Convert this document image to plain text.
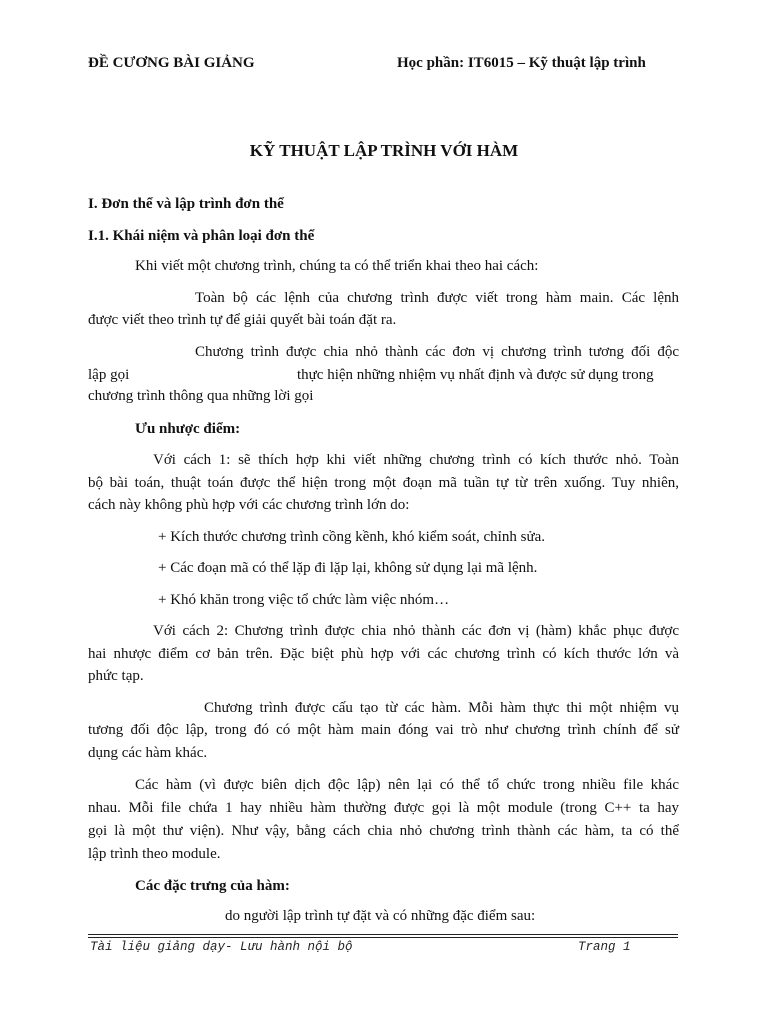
ĐỀ CƯƠNG BÀI GIẢNG	Học phần: IT6015 – Kỹ thuật lập trình
KỸ THUẬT LẬP TRÌNH VỚI HÀM
I. Đơn thể và lập trình đơn thể
I.1. Khái niệm và phân loại đơn thể
Khi viết một chương trình, chúng ta có thể triển khai theo hai cách:
Toàn bộ các lệnh của chương trình được viết trong hàm main. Các lệnh
được viết theo trình tự để giải quyết bài toán đặt ra.
Chương trình được chia nhỏ thành các đơn vị chương trình tương đối độc
lập gọi	thực hiện những nhiệm vụ nhất định và được sử dụng trong
chương trình thông qua những lời gọi
Ưu nhược điểm:
Với cách 1: sẽ thích hợp khi viết những chương trình có kích thước nhỏ. Toàn
bộ bài toán, thuật toán được thể hiện trong một đoạn mã tuần tự từ trên xuống. Tuy nhiên,
cách này không phù hợp với các chương trình lớn do:
+ Kích thước chương trình cồng kềnh, khó kiểm soát, chỉnh sửa.
+ Các đoạn mã có thể lặp đi lặp lại, không sử dụng lại mã lệnh.
+ Khó khăn trong việc tổ chức làm việc nhóm…
Với cách 2: Chương trình được chia nhỏ thành các đơn vị (hàm) khắc phục được
hai nhược điểm cơ bản trên. Đặc biệt phù hợp với các chương trình có kích thước lớn và
phức tạp.
Chương trình được cấu tạo từ các hàm. Mỗi hàm thực thi một nhiệm vụ
tương đối độc lập, trong đó có một hàm main đóng vai trò như chương trình chính để sử
dụng các hàm khác.
Các hàm (vì được biên dịch độc lập) nên lại có thể tổ chức trong nhiều file khác
nhau. Mỗi file chứa 1 hay nhiều hàm thường được gọi là một module (trong C++ ta hay
gọi là một thư viện). Như vậy, bằng cách chia nhỏ chương trình thành các hàm, ta có thể
lập trình theo module.
Các đặc trưng của hàm:
do người lập trình tự đặt và có những đặc điểm sau:
Tài liệu giảng dạy- Lưu hành nội bộ	Trang 1
